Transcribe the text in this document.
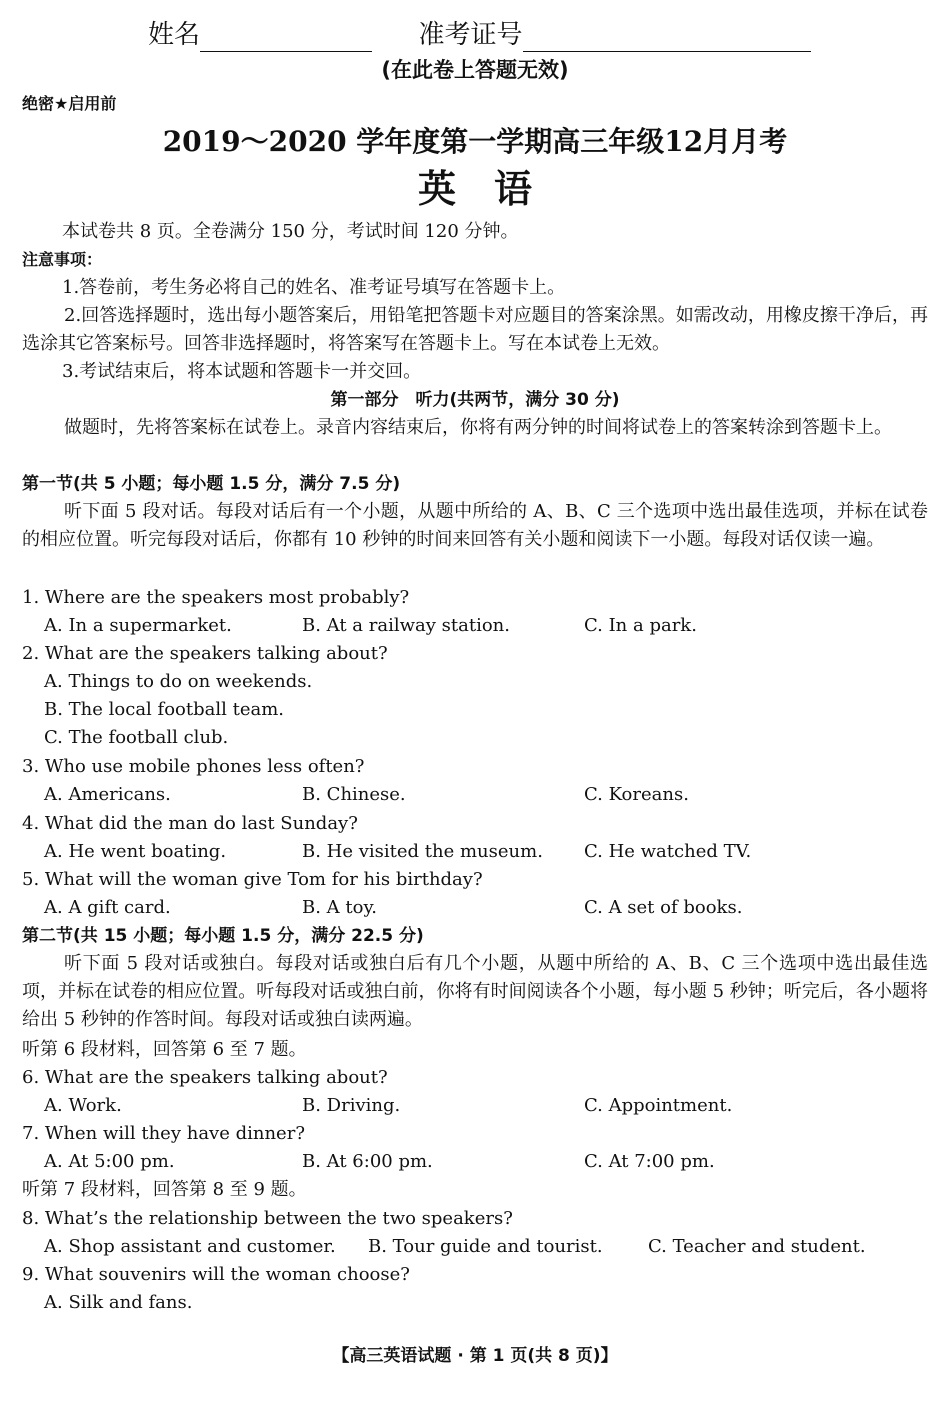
姓名	准考证号
(在此卷上答题无效)
绝密★启用前
2019～2020 学年度第一学期高三年级12月月考
英　语
本试卷共 8 页。全卷满分 150 分，考试时间 120 分钟。
注意事项：
1.答卷前，考生务必将自己的姓名、准考证号填写在答题卡上。
2.回答选择题时，选出每小题答案后，用铅笔把答题卡对应题目的答案涂黑。如需改动，用橡皮擦干净后，再选涂其它答案标号。回答非选择题时，将答案写在答题卡上。写在本试卷上无效。
3.考试结束后，将本试题和答题卡一并交回。
第一部分　听力(共两节，满分 30 分)
做题时，先将答案标在试卷上。录音内容结束后，你将有两分钟的时间将试卷上的答案转涂到答题卡上。
第一节(共 5 小题；每小题 1.5 分，满分 7.5 分)
听下面 5 段对话。每段对话后有一个小题，从题中所给的 A、B、C 三个选项中选出最佳选项，并标在试卷的相应位置。听完每段对话后，你都有 10 秒钟的时间来回答有关小题和阅读下一小题。每段对话仅读一遍。
1. Where are the speakers most probably?
A. In a supermarket.	B. At a railway station.	C. In a park.
2. What are the speakers talking about?
A. Things to do on weekends.
B. The local football team.
C. The football club.
3. Who use mobile phones less often?
A. Americans.	B. Chinese.	C. Koreans.
4. What did the man do last Sunday?
A. He went boating.	B. He visited the museum. C. He watched TV.
5. What will the woman give Tom for his birthday?
A. A gift card.	B. A toy.	C. A set of books.
第二节(共 15 小题；每小题 1.5 分，满分 22.5 分)
听下面 5 段对话或独白。每段对话或独白后有几个小题，从题中所给的 A、B、C 三个选项中选出最佳选项，并标在试卷的相应位置。听每段对话或独白前，你将有时间阅读各个小题，每小题 5 秒钟；听完后，各小题将给出 5 秒钟的作答时间。每段对话或独白读两遍。
听第 6 段材料，回答第 6 至 7 题。
6. What are the speakers talking about?
A. Work.	B. Driving.	C. Appointment.
7. When will they have dinner?
A. At 5:00 pm.	B. At 6:00 pm.	C. At 7:00 pm.
听第 7 段材料，回答第 8 至 9 题。
8. What’s the relationship between the two speakers?
A. Shop assistant and customer. B. Tour guide and tourist.	C. Teacher and student.
9. What souvenirs will the woman choose?
A. Silk and fans.
【高三英语试题 · 第 1 页(共 8 页)】
